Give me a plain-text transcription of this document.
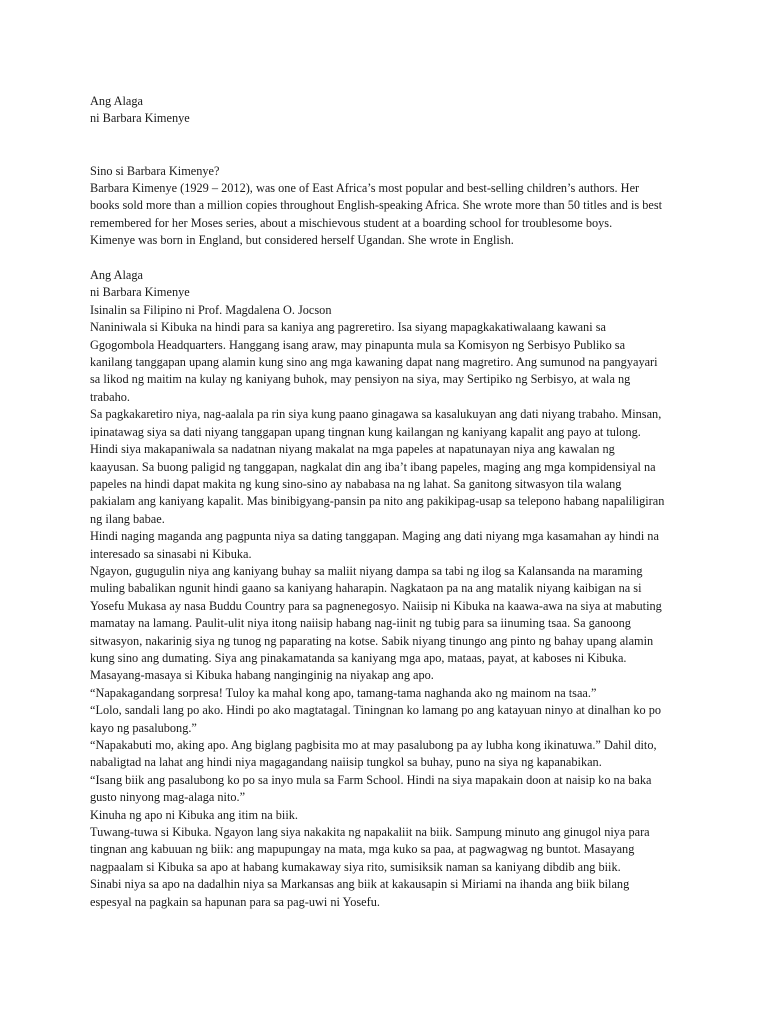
Ang Alaga
ni Barbara Kimenye
Sino si Barbara Kimenye?
Barbara Kimenye (1929 – 2012), was one of East Africa’s most popular and best-selling children’s authors. Her
books sold more than a million copies throughout English-speaking Africa. She wrote more than 50 titles and is best
remembered for her Moses series, about a mischievous student at a boarding school for troublesome boys.
Kimenye was born in England, but considered herself Ugandan. She wrote in English.
Ang Alaga
ni Barbara Kimenye
Isinalin sa Filipino ni Prof. Magdalena O. Jocson
Naniniwala si Kibuka na hindi para sa kaniya ang pagreretiro. Isa siyang mapagkakatiwalaang kawani sa
Ggogombola Headquarters. Hanggang isang araw, may pinapunta mula sa Komisyon ng Serbisyo Publiko sa
kanilang tanggapan upang alamin kung sino ang mga kawaning dapat nang magretiro. Ang sumunod na pangyayari
sa likod ng maitim na kulay ng kaniyang buhok, may pensiyon na siya, may Sertipiko ng Serbisyo, at wala ng
trabaho.
Sa pagkakaretiro niya, nag-aalala pa rin siya kung paano ginagawa sa kasalukuyan ang dati niyang trabaho. Minsan,
ipinatawag siya sa dati niyang tanggapan upang tingnan kung kailangan ng kaniyang kapalit ang payo at tulong.
Hindi siya makapaniwala sa nadatnan niyang makalat na mga papeles at napatunayan niya ang kawalan ng
kaayusan. Sa buong paligid ng tanggapan, nagkalat din ang iba’t ibang papeles, maging ang mga kompidensiyal na
papeles na hindi dapat makita ng kung sino-sino ay nababasa na ng lahat. Sa ganitong sitwasyon tila walang
pakialam ang kaniyang kapalit. Mas binibigyang-pansin pa nito ang pakikipag-usap sa telepono habang napaliligiran
ng ilang babae.
Hindi naging maganda ang pagpunta niya sa dating tanggapan. Maging ang dati niyang mga kasamahan ay hindi na
interesado sa sinasabi ni Kibuka.
Ngayon, gugugulin niya ang kaniyang buhay sa maliit niyang dampa sa tabi ng ilog sa Kalansanda na maraming
muling babalikan ngunit hindi gaano sa kaniyang haharapin. Nagkataon pa na ang matalik niyang kaibigan na si
Yosefu Mukasa ay nasa Buddu Country para sa pagnenegosyo. Naiisip ni Kibuka na kaawa-awa na siya at mabuting
mamatay na lamang. Paulit-ulit niya itong naiisip habang nag-iinit ng tubig para sa iinuming tsaa. Sa ganoong
sitwasyon, nakarinig siya ng tunog ng paparating na kotse. Sabik niyang tinungo ang pinto ng bahay upang alamin
kung sino ang dumating. Siya ang pinakamatanda sa kaniyang mga apo, mataas, payat, at kaboses ni Kibuka.
Masayang-masaya si Kibuka habang nanginginig na niyakap ang apo.
“Napakagandang sorpresa! Tuloy ka mahal kong apo, tamang-tama naghanda ako ng mainom na tsaa.”
“Lolo, sandali lang po ako. Hindi po ako magtatagal. Tiningnan ko lamang po ang katayuan ninyo at dinalhan ko po
kayo ng pasalubong.”
“Napakabuti mo, aking apo. Ang biglang pagbisita mo at may pasalubong pa ay lubha kong ikinatuwa.” Dahil dito,
nabaligtad na lahat ang hindi niya magagandang naiisip tungkol sa buhay, puno na siya ng kapanabikan.
“Isang biik ang pasalubong ko po sa inyo mula sa Farm School. Hindi na siya mapakain doon at naisip ko na baka
gusto ninyong mag-alaga nito.”
Kinuha ng apo ni Kibuka ang itim na biik.
Tuwang-tuwa si Kibuka. Ngayon lang siya nakakita ng napakaliit na biik. Sampung minuto ang ginugol niya para
tingnan ang kabuuan ng biik: ang mapupungay na mata, mga kuko sa paa, at pagwagwag ng buntot. Masayang
nagpaalam si Kibuka sa apo at habang kumakaway siya rito, sumisiksik naman sa kaniyang dibdib ang biik.
Sinabi niya sa apo na dadalhin niya sa Markansas ang biik at kakausapin si Miriami na ihanda ang biik bilang
espesyal na pagkain sa hapunan para sa pag-uwi ni Yosefu.
